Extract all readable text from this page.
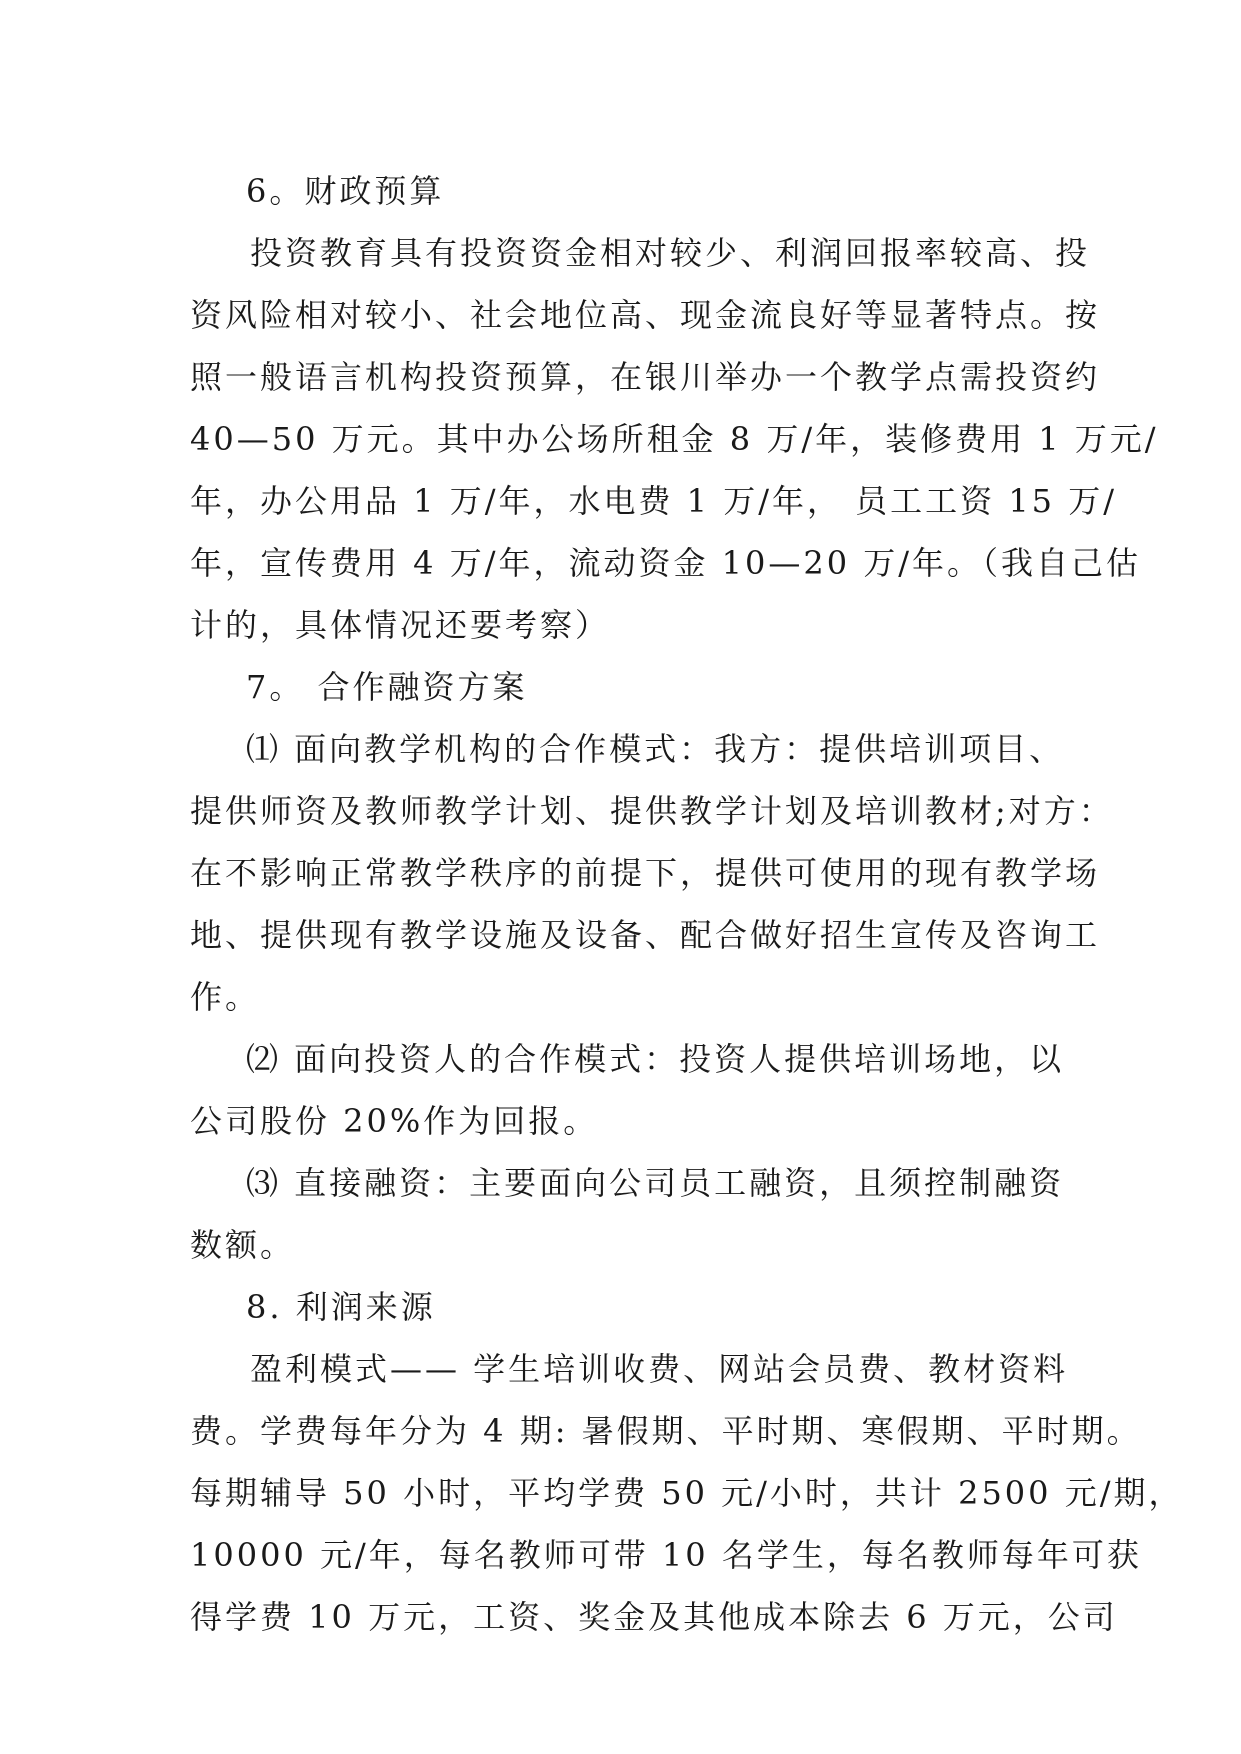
6。财政预算
投资教育具有投资资金相对较少、利润回报率较高、投
资风险相对较小、社会地位高、现金流良好等显著特点。按
照一般语言机构投资预算，在银川举办一个教学点需投资约
40—50 万元。其中办公场所租金 8 万/年，装修费用 1 万元/
年，办公用品 1 万/年，水电费 1 万/年， 员工工资 15 万/
年，宣传费用 4 万/年，流动资金 10—20 万/年。（我自己估
计的，具体情况还要考察）
7。 合作融资方案
⑴ 面向教学机构的合作模式：我方：提供培训项目、
提供师资及教师教学计划、提供教学计划及培训教材;对方：
在不影响正常教学秩序的前提下，提供可使用的现有教学场
地、提供现有教学设施及设备、配合做好招生宣传及咨询工
作。
⑵ 面向投资人的合作模式：投资人提供培训场地，以
公司股份 20%作为回报。
⑶ 直接融资：主要面向公司员工融资，且须控制融资
数额。
8. 利润来源
盈利模式—— 学生培训收费、网站会员费、教材资料
费。学费每年分为 4 期: 暑假期、平时期、寒假期、平时期。
每期辅导 50 小时，平均学费 50 元/小时，共计 2500 元/期，
10000 元/年，每名教师可带 10 名学生，每名教师每年可获
得学费 10 万元，工资、奖金及其他成本除去 6 万元，公司
